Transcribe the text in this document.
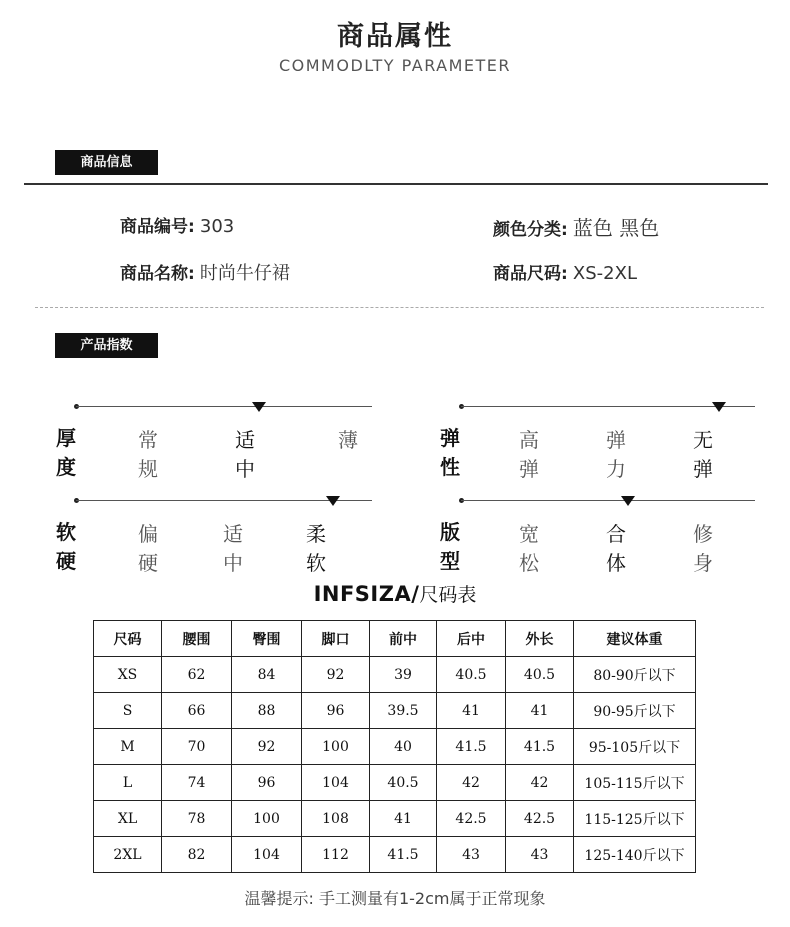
商品属性
COMMODLTY PARAMETER
商品信息
商品编号: 303	颜色分类: 蓝色 黑色
商品名称: 时尚牛仔裙	商品尺码: XS-2XL
产品指数
厚度
常规
适中
薄	弹性
高弹
弹力
无弹
软硬
偏硬
适中
柔软
版型
宽松
合体
修身
INFSIZA/尺码表
尺码	腰围	臀围	脚口	前中	后中	外长	建议体重
XS	62	84	92	39	40.5	40.5	80-90斤以下
S	66	88	96	39.5	41	41	90-95斤以下
M	70	92	100	40	41.5	41.5	95-105斤以下
L	74	96	104	40.5	42	42	105-115斤以下
XL	78	100	108	41	42.5	42.5	115-125斤以下
2XL	82	104	112	41.5	43	43	125-140斤以下
温馨提示: 手工测量有1-2cm属于正常现象
